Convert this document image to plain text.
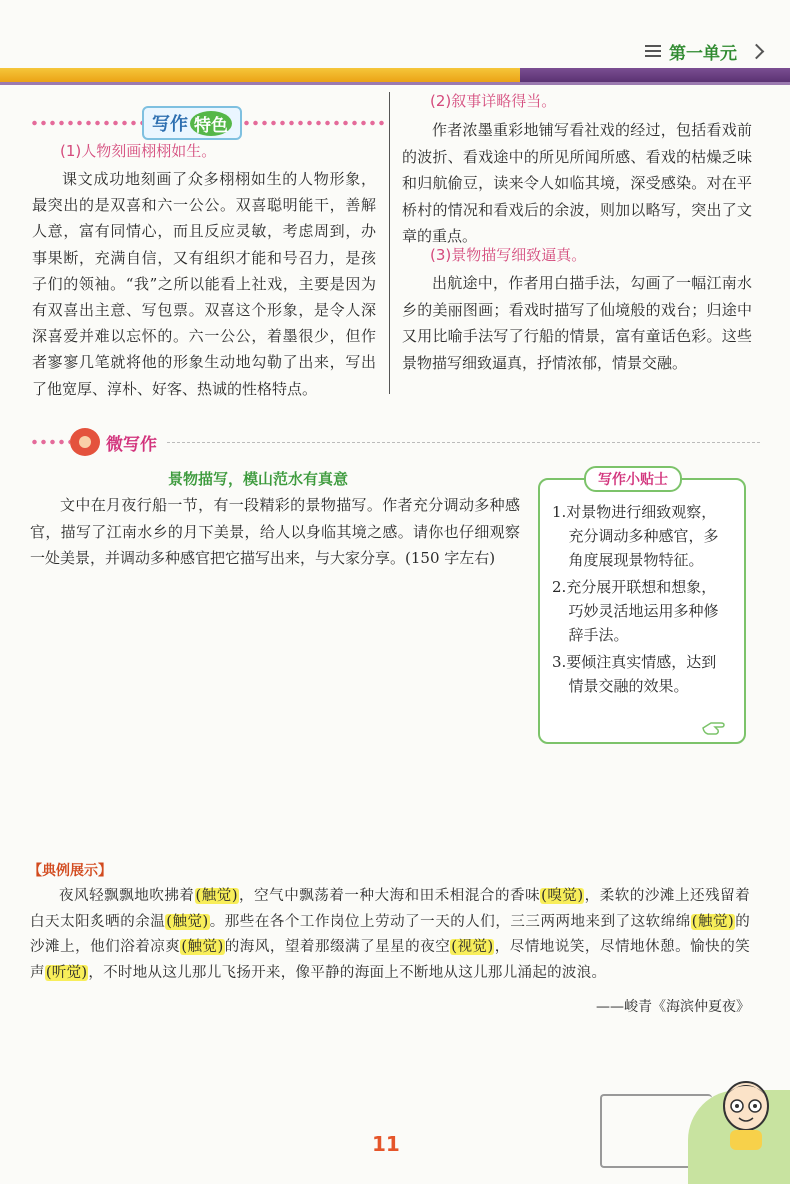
第一单元
写作 特色
(1)人物刻画栩栩如生。

课文成功地刻画了众多栩栩如生的人物形象，最突出的是双喜和六一公公。双喜聪明能干，善解人意，富有同情心，而且反应灵敏，考虑周到，办事果断，充满自信，又有组织才能和号召力，是孩子们的领袖。“我”之所以能看上社戏，主要是因为有双喜出主意、写包票。双喜这个形象，是令人深深喜爱并难以忘怀的。六一公公，着墨很少，但作者寥寥几笔就将他的形象生动地勾勒了出来，写出了他宽厚、淳朴、好客、热诚的性格特点。

(2)叙事详略得当。

作者浓墨重彩地铺写看社戏的经过，包括看戏前的波折、看戏途中的所见所闻所感、看戏的枯燥乏味和归航偷豆，读来令人如临其境，深受感染。对在平桥村的情况和看戏后的余波，则加以略写，突出了文章的重点。

(3)景物描写细致逼真。

出航途中，作者用白描手法，勾画了一幅江南水乡的美丽图画；看戏时描写了仙境般的戏台；归途中又用比喻手法写了行船的情景，富有童话色彩。这些景物描写细致逼真，抒情浓郁，情景交融。

微写作
景物描写，模山范水有真意

文中在月夜行船一节，有一段精彩的景物描写。作者充分调动多种感官，描写了江南水乡的月下美景，给人以身临其境之感。请你也仔细观察一处美景，并调动多种感官把它描写出来，与大家分享。(150 字左右)

1.对景物进行细致观察，充分调动多种感官，多角度展现景物特征。
2.充分展开联想和想象，巧妙灵活地运用多种修辞手法。
3.要倾注真实情感，达到情景交融的效果。
写作小贴士
【典例展示】

夜风轻飘飘地吹拂着(触觉)，空气中飘荡着一种大海和田禾相混合的香味(嗅觉)，柔软的沙滩上还残留着白天太阳炙晒的余温(触觉)。那些在各个工作岗位上劳动了一天的人们，三三两两地来到了这软绵绵(触觉)的沙滩上，他们浴着凉爽(触觉)的海风，望着那缀满了星星的夜空(视觉)，尽情地说笑，尽情地休憩。愉快的笑声(听觉)，不时地从这儿那儿飞扬开来，像平静的海面上不断地从这儿那儿涌起的波浪。

——峻青《海滨仲夏夜》
11
